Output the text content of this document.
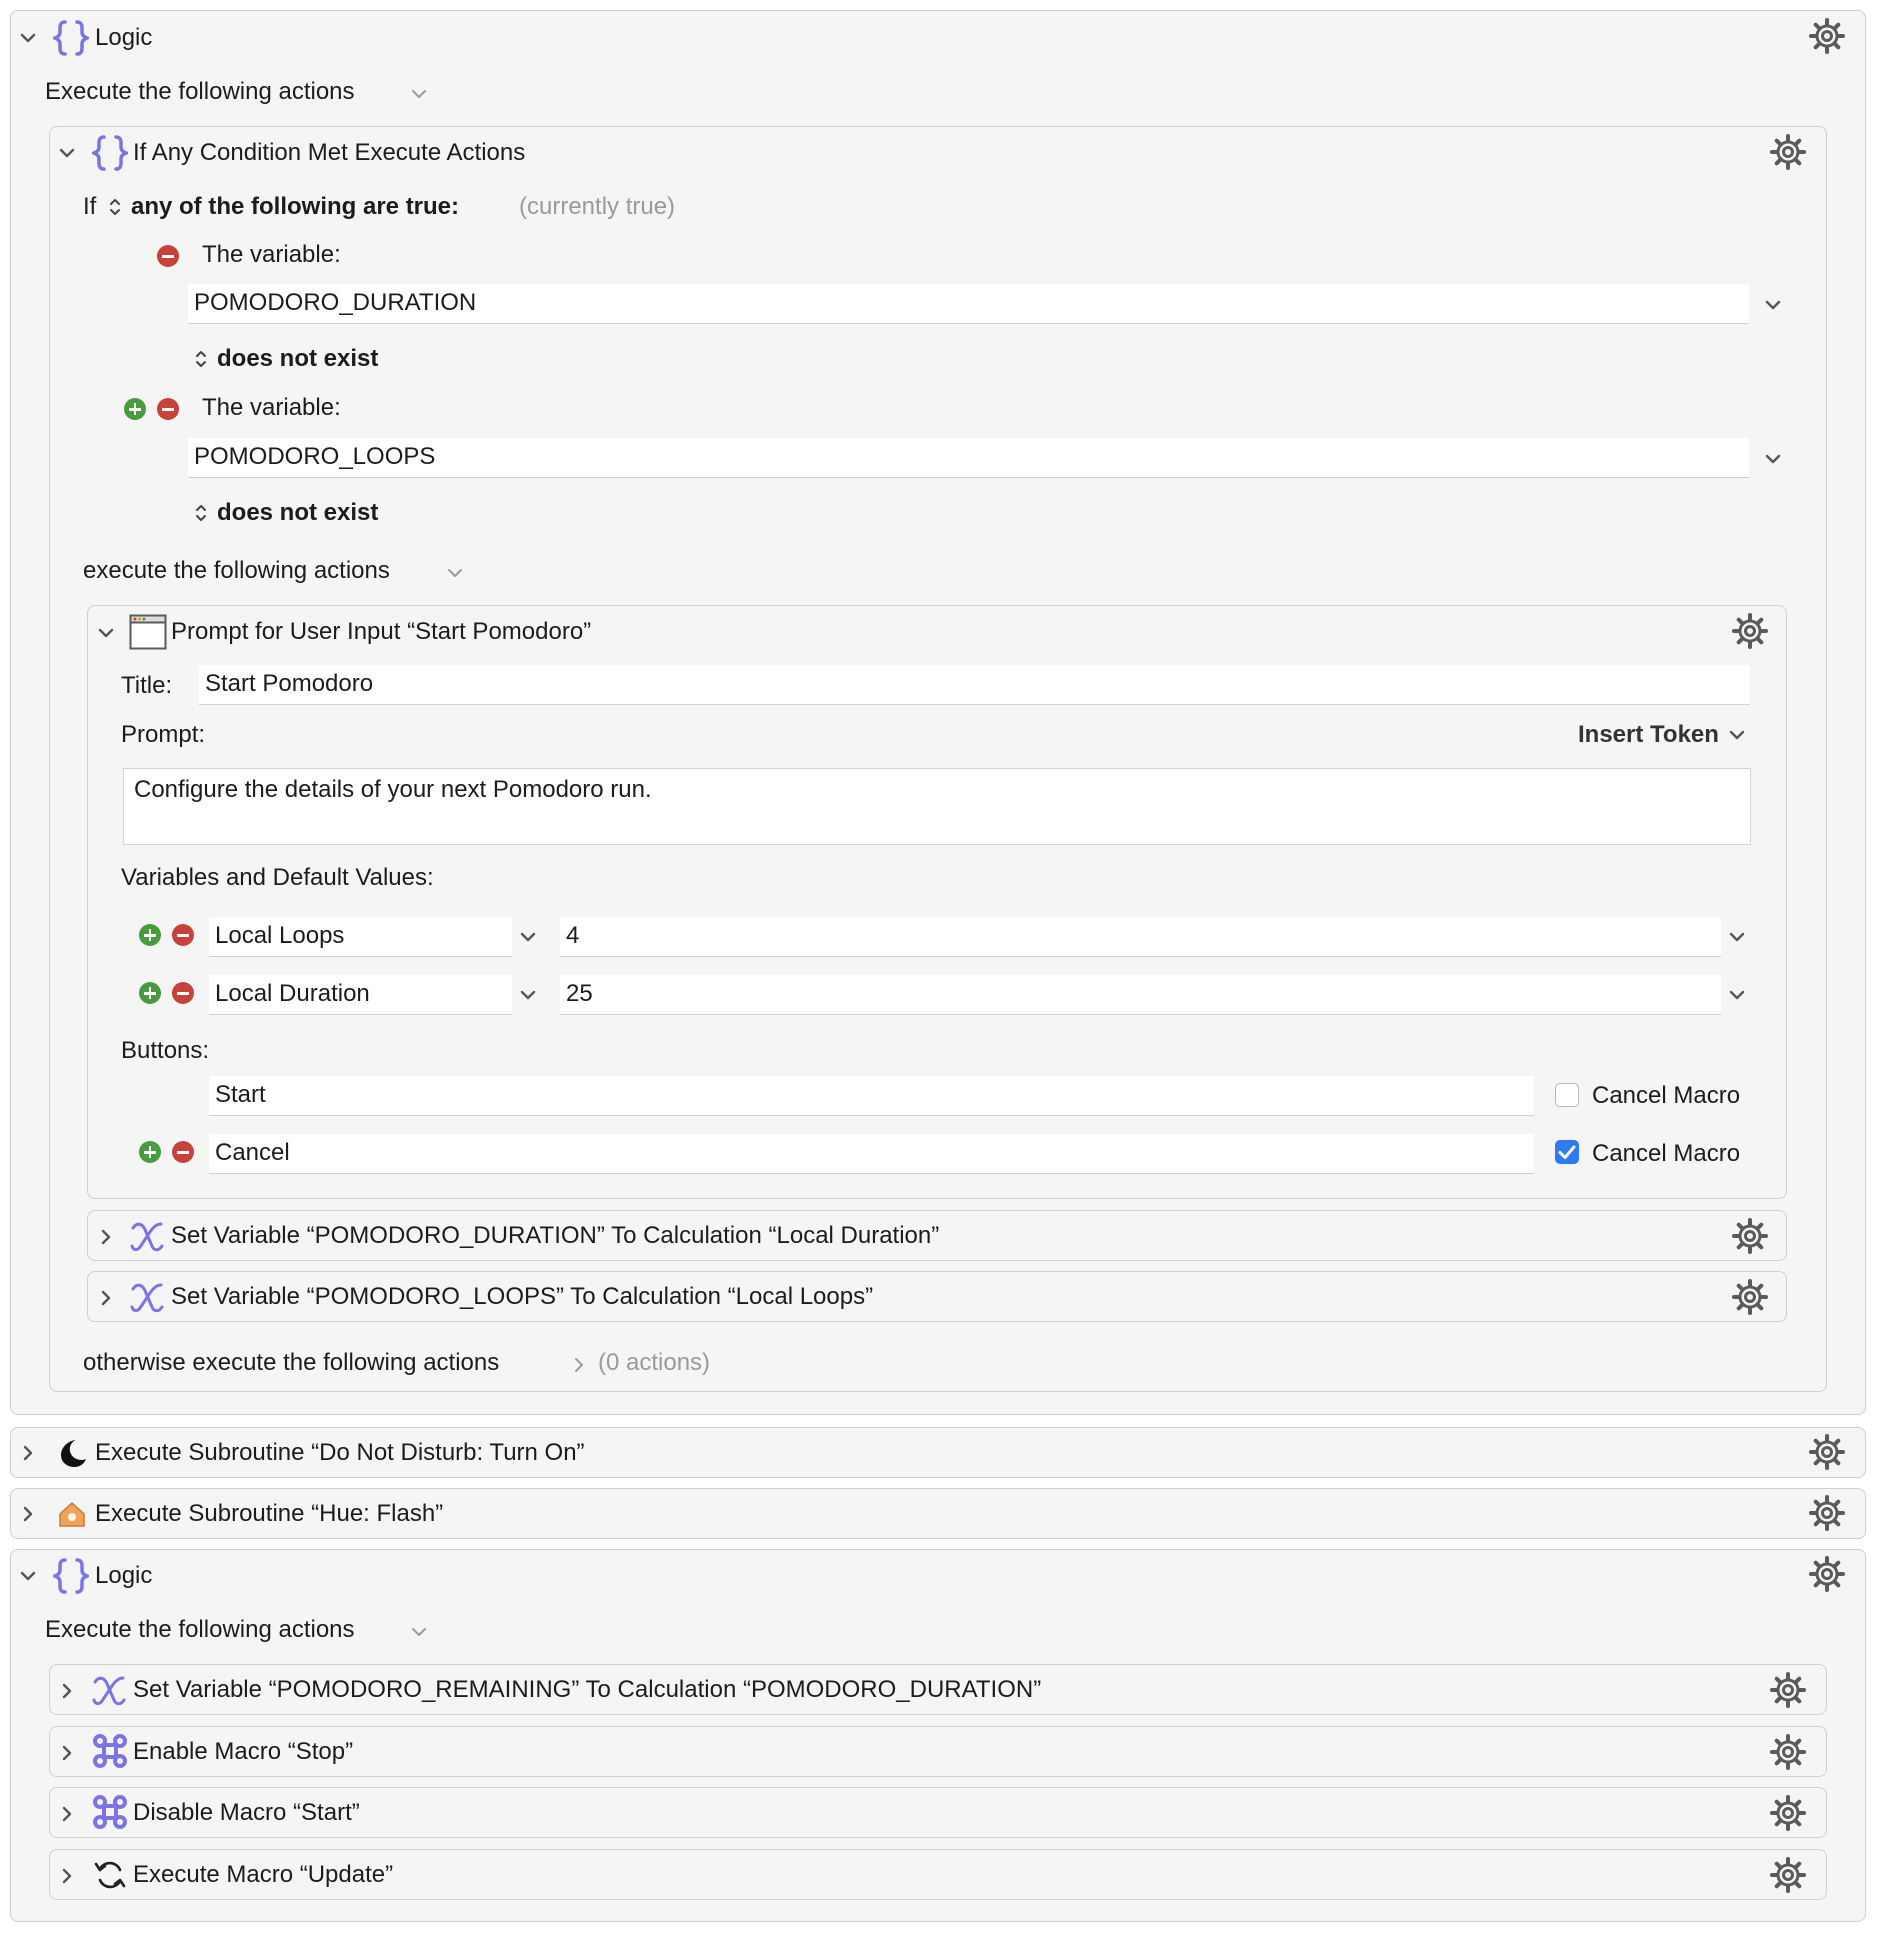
Logic
Execute the following actions
If Any Condition Met Execute Actions
If any of the following are true: (currently true)
The variable:
POMODORO_DURATION
does not exist
The variable:
POMODORO_LOOPS
does not exist
execute the following actions
Prompt for User Input “Start Pomodoro”
Title: Start Pomodoro
Prompt:	Insert Token
Configure the details of your next Pomodoro run.
Variables and Default Values:
Local Loops	4
Local Duration	25
Buttons:
Start	Cancel Macro
Cancel	Cancel Macro
Set Variable “POMODORO_DURATION” To Calculation “Local Duration”
Set Variable “POMODORO_LOOPS” To Calculation “Local Loops”
otherwise execute the following actions	(0 actions)
Execute Subroutine “Do Not Disturb: Turn On”
Execute Subroutine “Hue: Flash”
Logic
Execute the following actions
Set Variable “POMODORO_REMAINING” To Calculation “POMODORO_DURATION”
Enable Macro “Stop”
Disable Macro “Start”
Execute Macro “Update”
